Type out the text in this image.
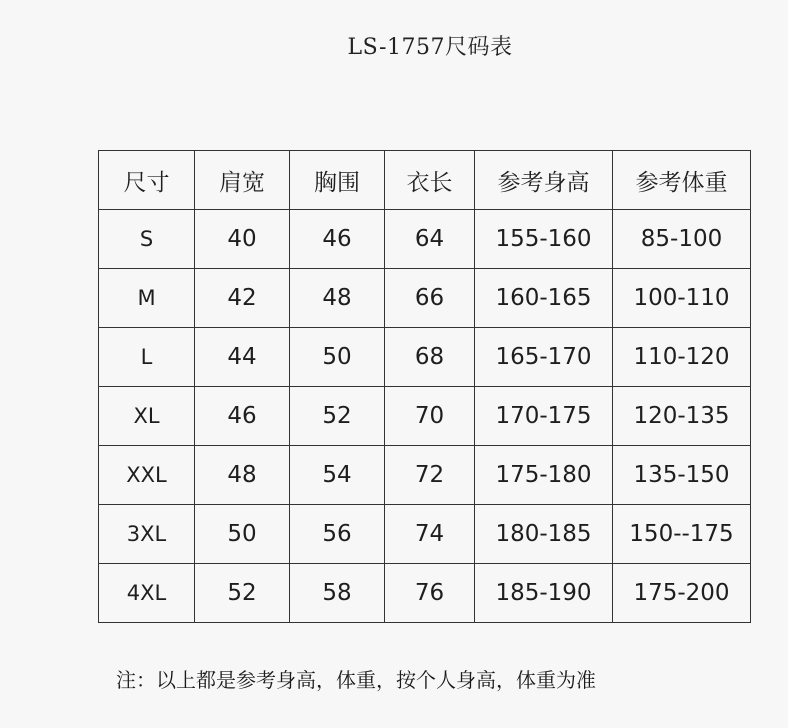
LS-1757尺码表
尺寸	肩宽	胸围	衣长	参考身高	参考体重
S	40	46	64	155-160	85-100
M	42	48	66	160-165	100-110
L	44	50	68	165-170	110-120
XL	46	52	70	170-175	120-135
XXL	48	54	72	175-180	135-150
3XL	50	56	74	180-185	150--175
4XL	52	58	76	185-190	175-200
注：以上都是参考身高，体重，按个人身高，体重为准
